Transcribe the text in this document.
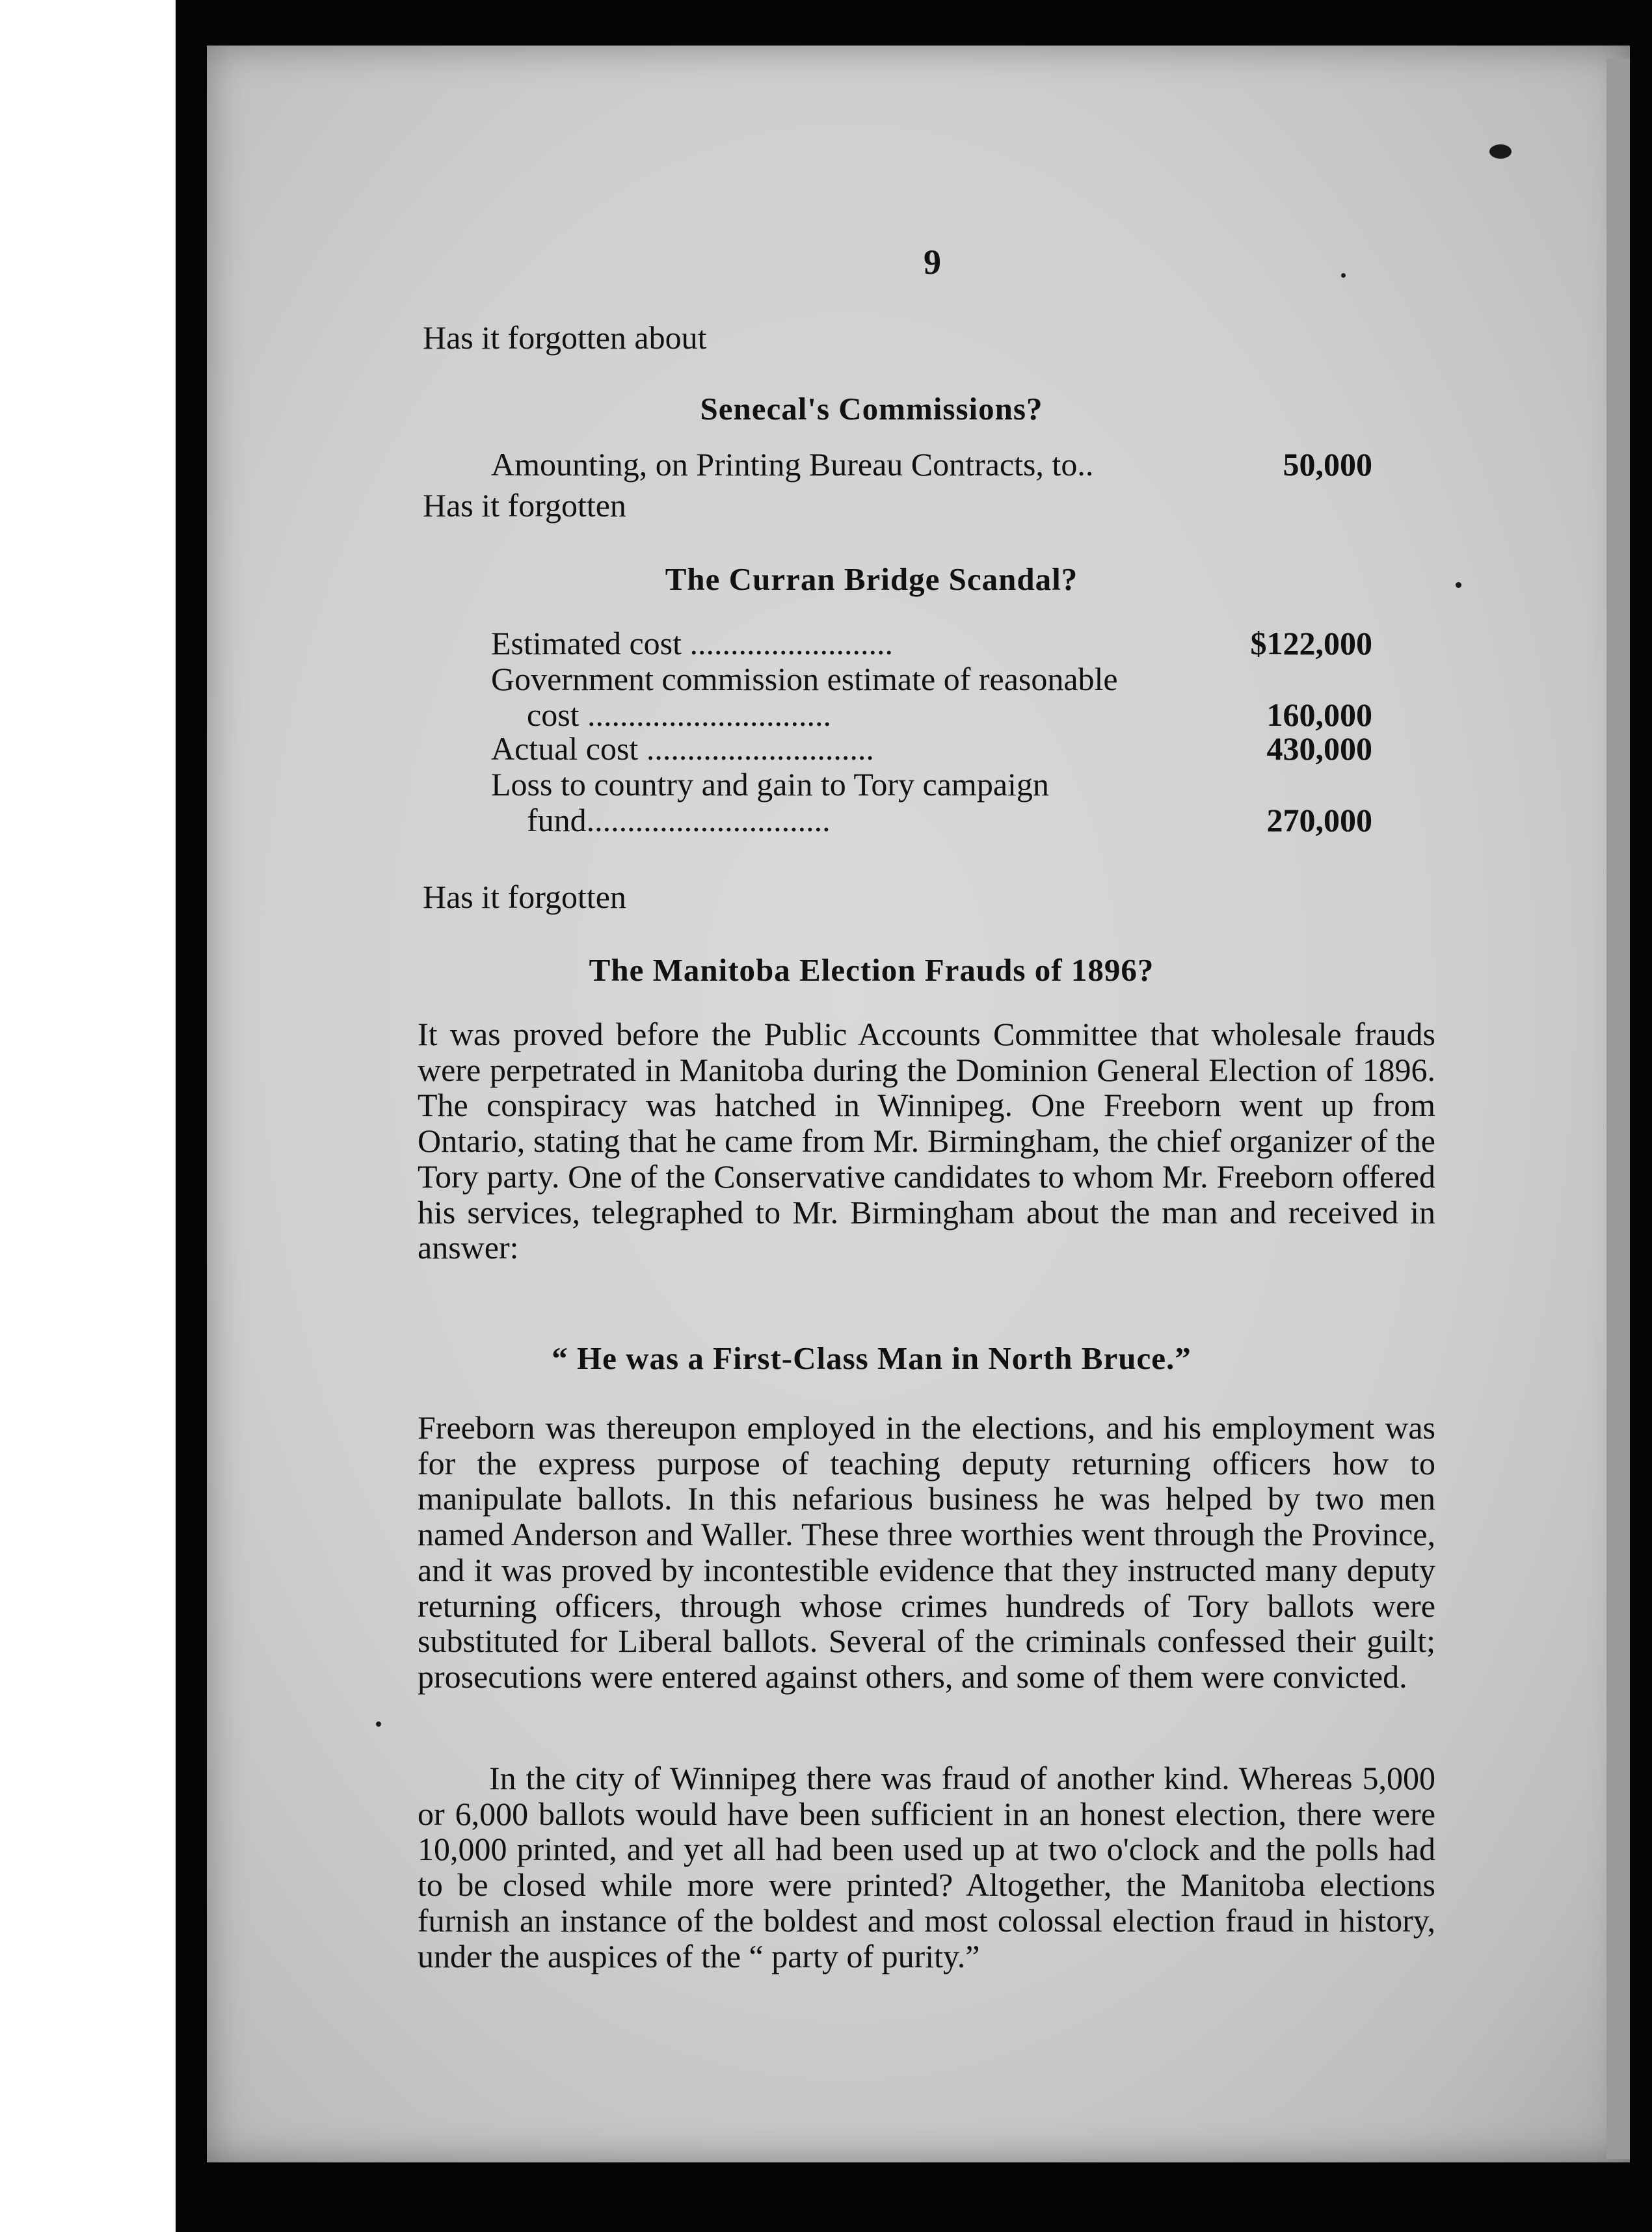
9
Has it forgotten about
Senecal's Commissions?
Amounting, on Printing Bureau Contracts, to..	50,000
Has it forgotten
The Curran Bridge Scandal?
Estimated cost .........................	$122,000
Government commission estimate of reasonable
cost ..............................	160,000
Actual cost ............................	430,000
Loss to country and gain to Tory campaign
fund..............................	270,000
Has it forgotten
The Manitoba Election Frauds of 1896?
It was proved before the Public Accounts Committee that wholesale frauds were perpetrated in Manitoba during the Dominion General Election of 1896. The conspiracy was hatched in Winnipeg. One Freeborn went up from Ontario, stating that he came from Mr. Birmingham, the chief organizer of the Tory party. One of the Conservative candidates to whom Mr. Freeborn offered his services, telegraphed to Mr. Birmingham about the man and received in answer:
“ He was a First-Class Man in North Bruce.”
Freeborn was thereupon employed in the elections, and his employment was for the express purpose of teaching deputy returning officers how to manipulate ballots. In this nefarious business he was helped by two men named Anderson and Waller. These three worthies went through the Province, and it was proved by incontestible evidence that they instructed many deputy returning officers, through whose crimes hundreds of Tory ballots were substituted for Liberal ballots. Several of the criminals confessed their guilt; prosecutions were entered against others, and some of them were convicted.
In the city of Winnipeg there was fraud of another kind. Whereas 5,000 or 6,000 ballots would have been sufficient in an honest election, there were 10,000 printed, and yet all had been used up at two o'clock and the polls had to be closed while more were printed? Altogether, the Manitoba elections furnish an instance of the boldest and most colossal election fraud in history, under the auspices of the “ party of purity.”
